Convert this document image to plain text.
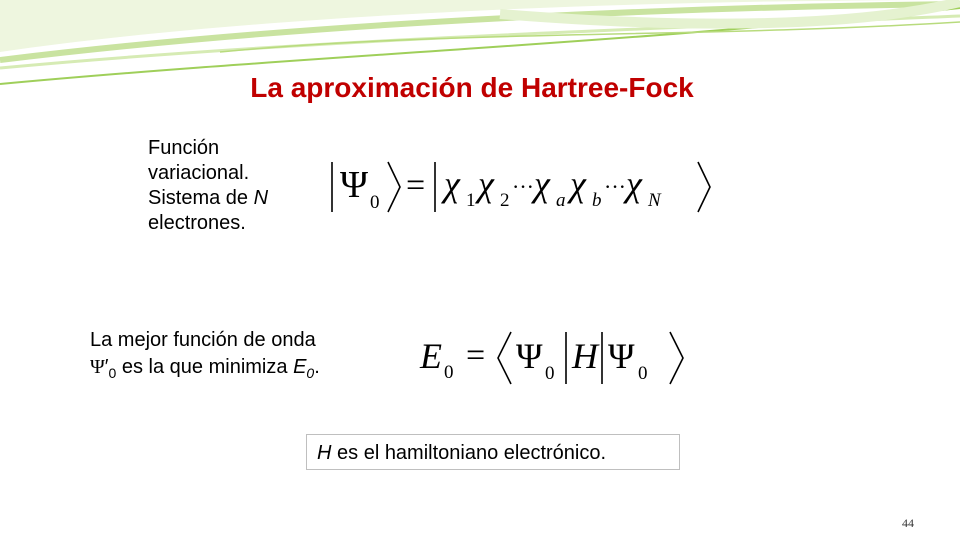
La aproximación de Hartree-Fock
Función
variacional.
Sistema de N
electrones.
Ψ 0 = χ 1 χ 2
··· χ a χ b
··· χ N
La mejor función de onda
$\Psi'_0$ es la que minimiza $E_0$.	E 0 = Ψ 0 H Ψ 0
H es el hamiltoniano electrónico.
44
